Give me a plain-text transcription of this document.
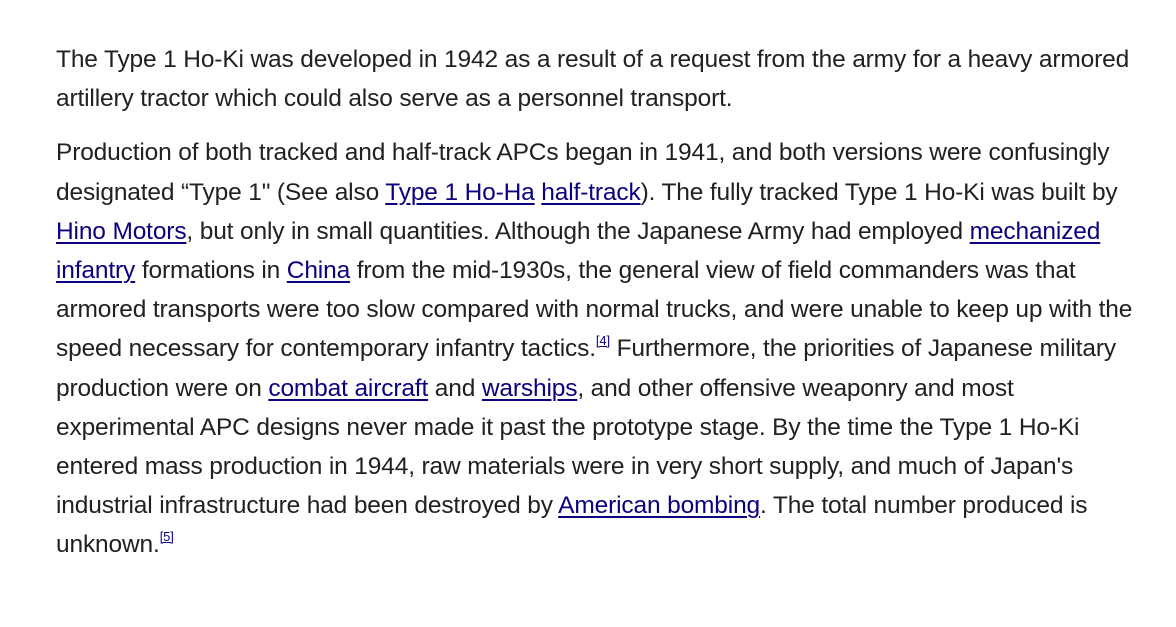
The Type 1 Ho-Ki was developed in 1942 as a result of a request from the army for a heavy armored artillery tractor which could also serve as a personnel transport.

Production of both tracked and half-track APCs began in 1941, and both versions were confusingly designated “Type 1" (See also Type 1 Ho-Ha half-track). The fully tracked Type 1 Ho-Ki was built by Hino Motors, but only in small quantities. Although the Japanese Army had employed mechanized infantry formations in China from the mid-1930s, the general view of field commanders was that armored transports were too slow compared with normal trucks, and were unable to keep up with the speed necessary for contemporary infantry tactics.[4] Furthermore, the priorities of Japanese military production were on combat aircraft and warships, and other offensive weaponry and most experimental APC designs never made it past the prototype stage. By the time the Type 1 Ho-Ki entered mass production in 1944, raw materials were in very short supply, and much of Japan's industrial infrastructure had been destroyed by American bombing. The total number produced is unknown.[5]
